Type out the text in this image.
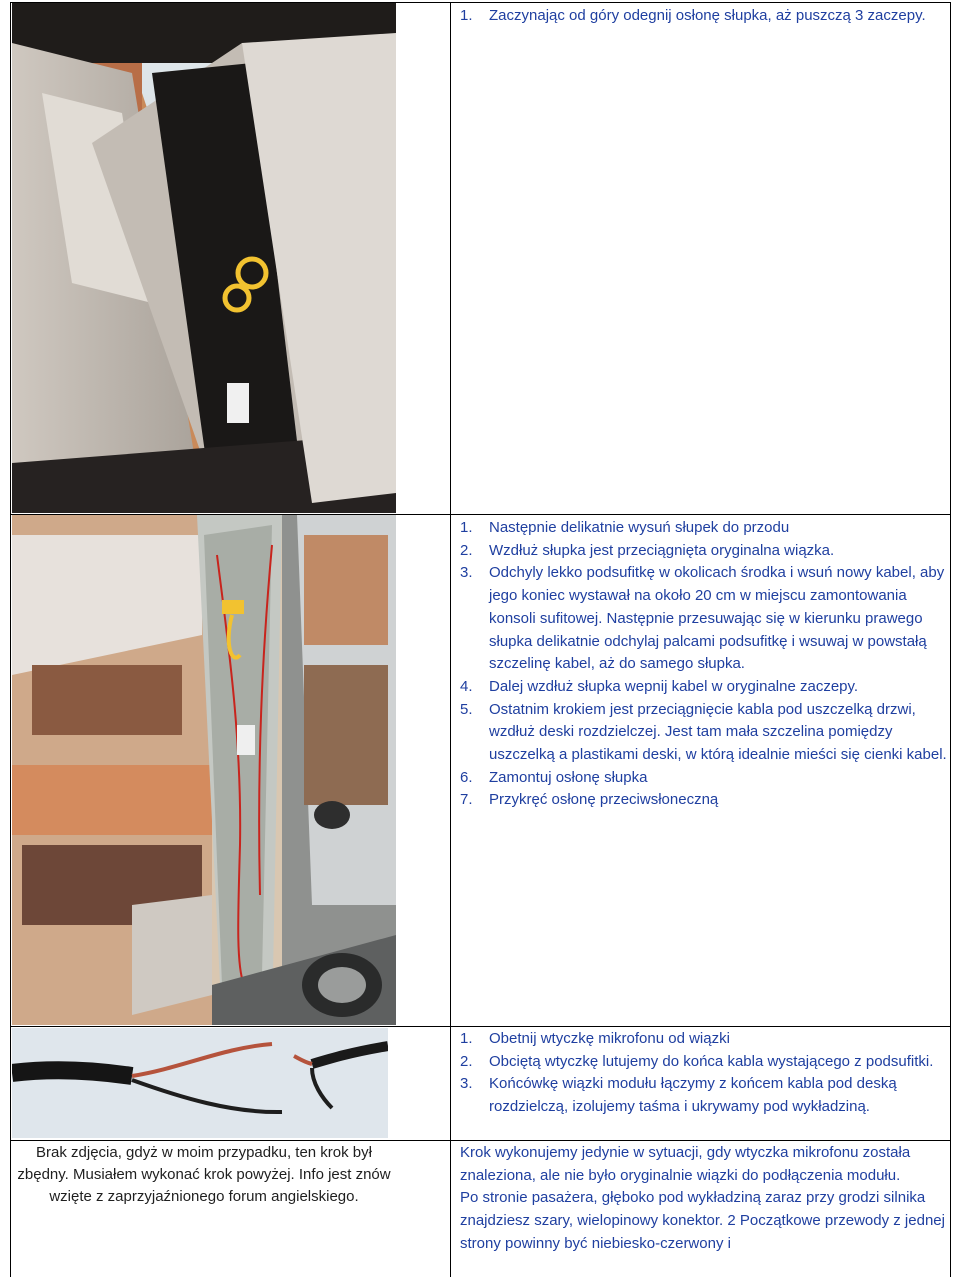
1. Zaczynając od góry odegnij osłonę słupka, aż puszczą 3 zaczepy.
1. Następnie delikatnie wysuń słupek do przodu
2. Wzdłuż słupka jest przeciągnięta oryginalna wiązka.
3. Odchyly lekko podsufitkę w okolicach środka i wsuń nowy kabel, aby jego koniec wystawał na około 20 cm w miejscu zamontowania konsoli sufitowej. Następnie przesuwając się w kierunku prawego słupka delikatnie odchylaj palcami podsufitkę i wsuwaj w powstałą szczelinę kabel, aż do samego słupka.
4. Dalej wzdłuż słupka wepnij kabel w oryginalne zaczepy.
5. Ostatnim krokiem jest przeciągnięcie kabla pod uszczelką drzwi, wzdłuż deski rozdzielczej. Jest tam mała szczelina pomiędzy uszczelką a plastikami deski, w którą idealnie mieści się cienki kabel.
6. Zamontuj osłonę słupka
7. Przykręć osłonę przeciwsłoneczną
1. Obetnij wtyczkę mikrofonu od wiązki
2. Obciętą wtyczkę lutujemy do końca kabla wystającego z podsufitki.
3. Końcówkę wiązki modułu łączymy z końcem kabla pod deską rozdzielczą, izolujemy taśma i ukrywamy pod wykładziną.
Brak zdjęcia, gdyż w moim przypadku, ten krok był zbędny. Musiałem wykonać krok powyżej. Info jest znów wzięte z zaprzyjaźnionego forum angielskiego.

Krok wykonujemy jedynie w sytuacji, gdy wtyczka mikrofonu została znaleziona, ale nie było oryginalnie wiązki do podłączenia modułu.

Po stronie pasażera, głęboko pod wykładziną zaraz przy grodzi silnika znajdziesz szary, wielopinowy konektor. 2 Początkowe przewody z jednej strony powinny być niebiesko-czerwony i
